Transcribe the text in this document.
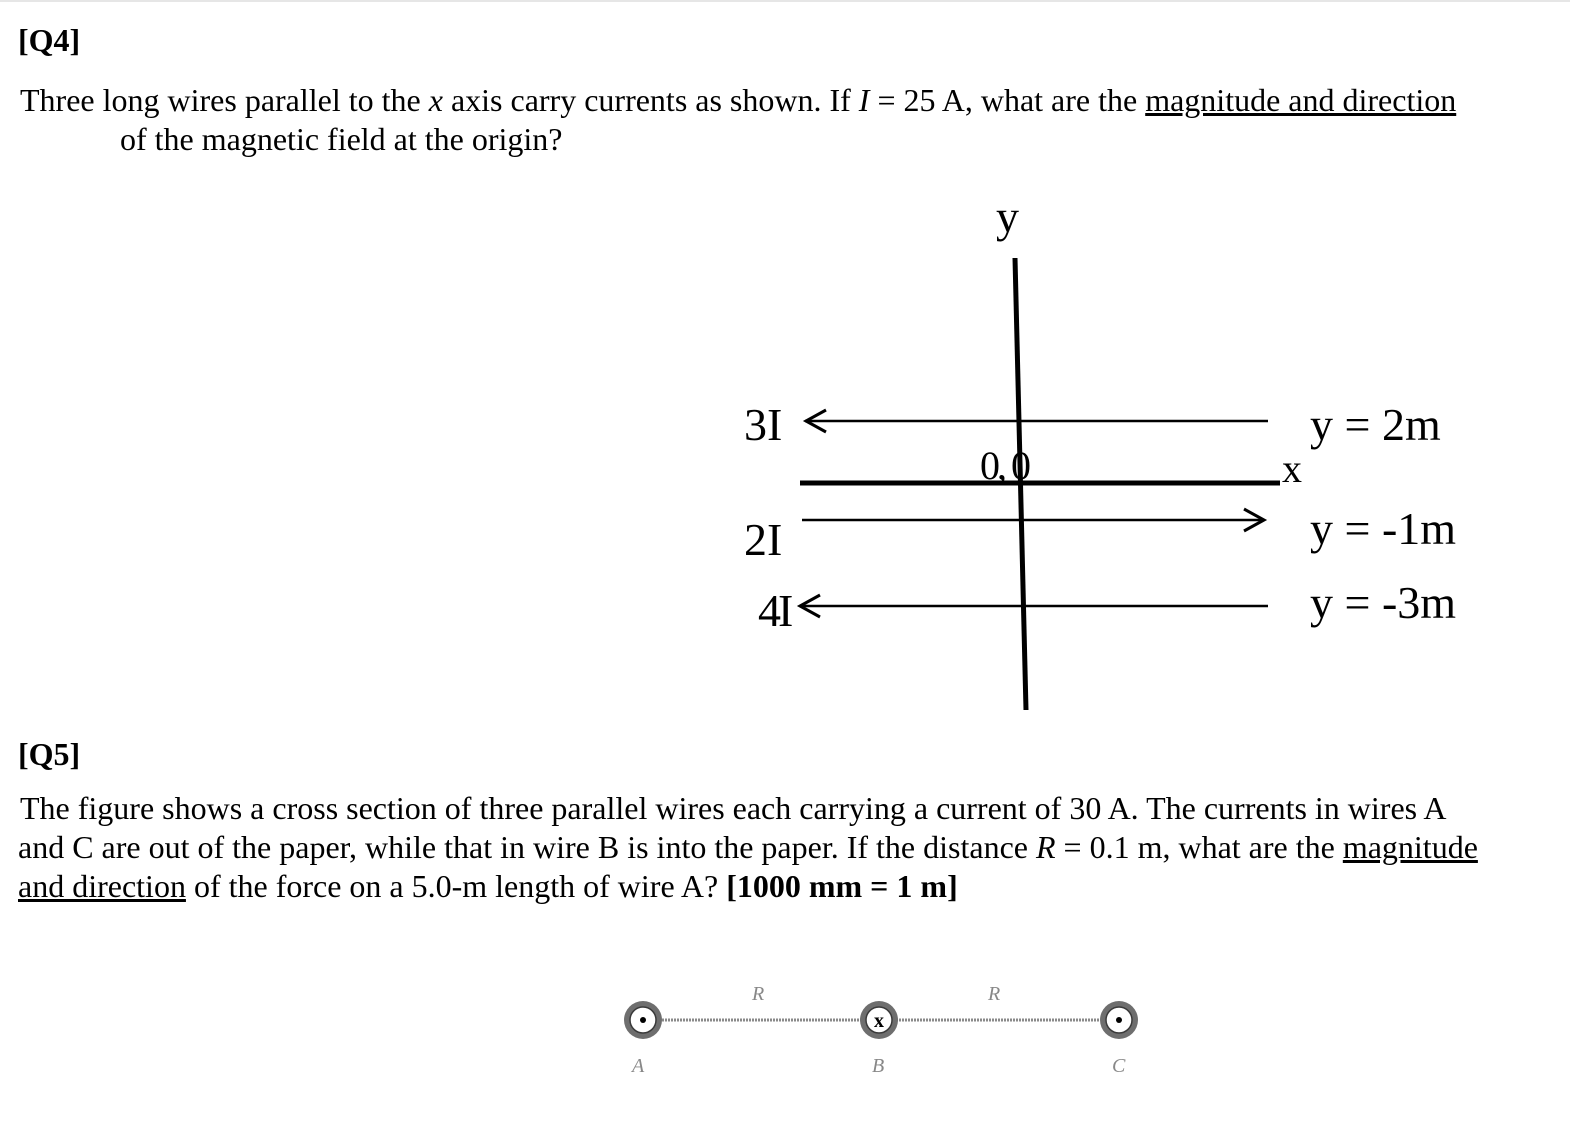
[Q4]
Three long wires parallel to the x axis carry currents as shown. If I = 25 A, what are the magnitude and direction
of the magnetic field at the origin?
y
x
0, 0
3I	y = 2m
2I	y = -1m
4I	y = -3m
[Q5]
The figure shows a cross section of three parallel wires each carrying a current of 30 A. The currents in wires A
and C are out of the paper, while that in wire B is into the paper. If the distance R = 0.1 m, what are the magnitude
and direction of the force on a 5.0-m length of wire A? [1000 mm = 1 m]
R	R
A
x
B	C
